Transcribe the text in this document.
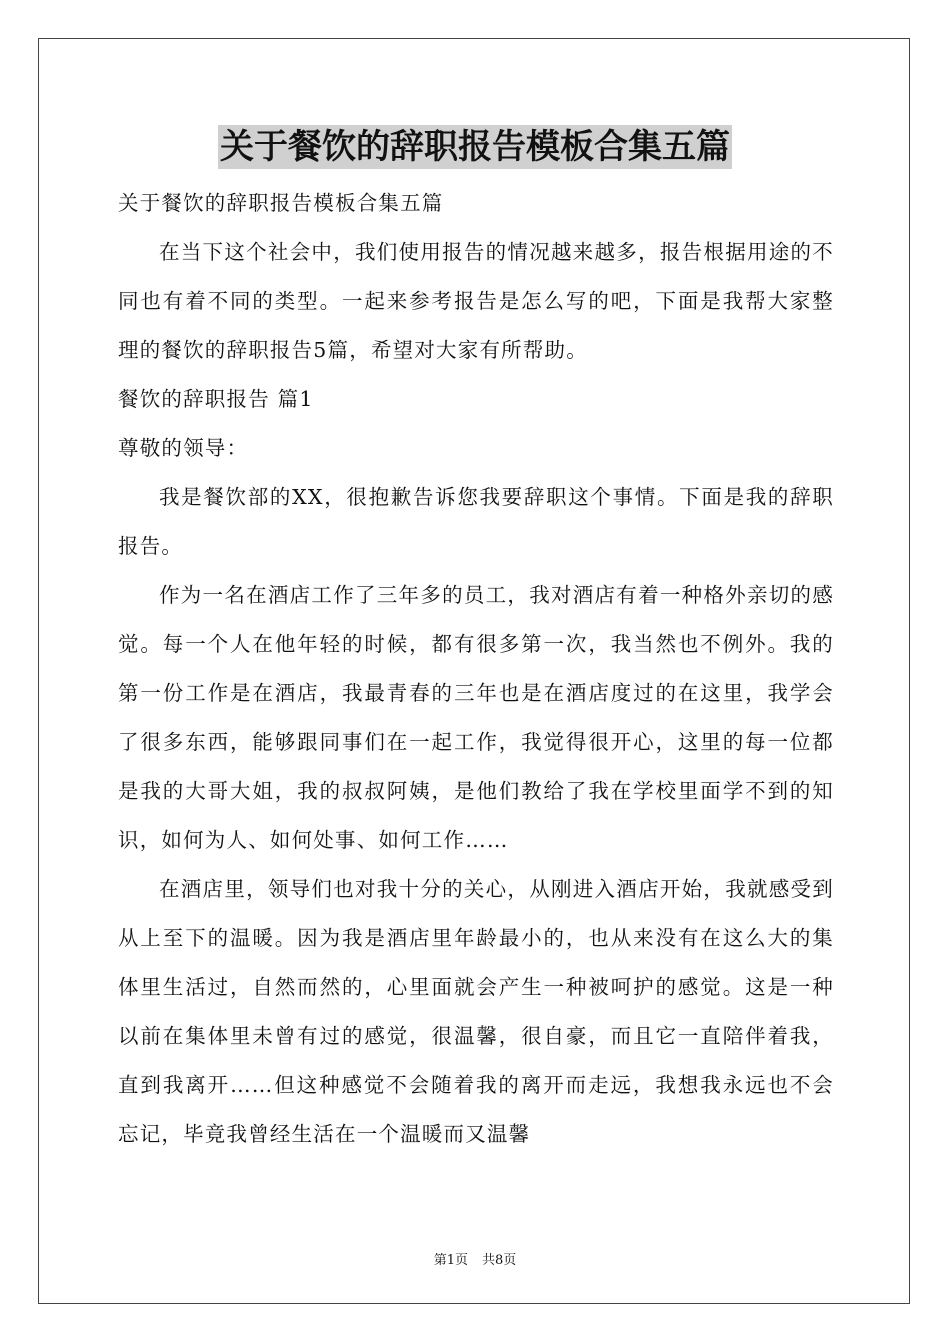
关于餐饮的辞职报告模板合集五篇

关于餐饮的辞职报告模板合集五篇

在当下这个社会中，我们使用报告的情况越来越多，报告根据用途的不同也有着不同的类型。一起来参考报告是怎么写的吧，下面是我帮大家整理的餐饮的辞职报告5篇，希望对大家有所帮助。

餐饮的辞职报告 篇1

尊敬的领导：

我是餐饮部的XX，很抱歉告诉您我要辞职这个事情。下面是我的辞职报告。

作为一名在酒店工作了三年多的员工，我对酒店有着一种格外亲切的感觉。每一个人在他年轻的时候，都有很多第一次，我当然也不例外。我的第一份工作是在酒店，我最青春的三年也是在酒店度过的在这里，我学会了很多东西，能够跟同事们在一起工作，我觉得很开心，这里的每一位都是我的大哥大姐，我的叔叔阿姨，是他们教给了我在学校里面学不到的知识，如何为人、如何处事、如何工作……

在酒店里，领导们也对我十分的关心，从刚进入酒店开始，我就感受到从上至下的温暖。因为我是酒店里年龄最小的，也从来没有在这么大的集体里生活过，自然而然的，心里面就会产生一种被呵护的感觉。这是一种以前在集体里未曾有过的感觉，很温馨，很自豪，而且它一直陪伴着我，直到我离开……但这种感觉不会随着我的离开而走远，我想我永远也不会忘记，毕竟我曾经生活在一个温暖而又温馨

第1页 共8页
